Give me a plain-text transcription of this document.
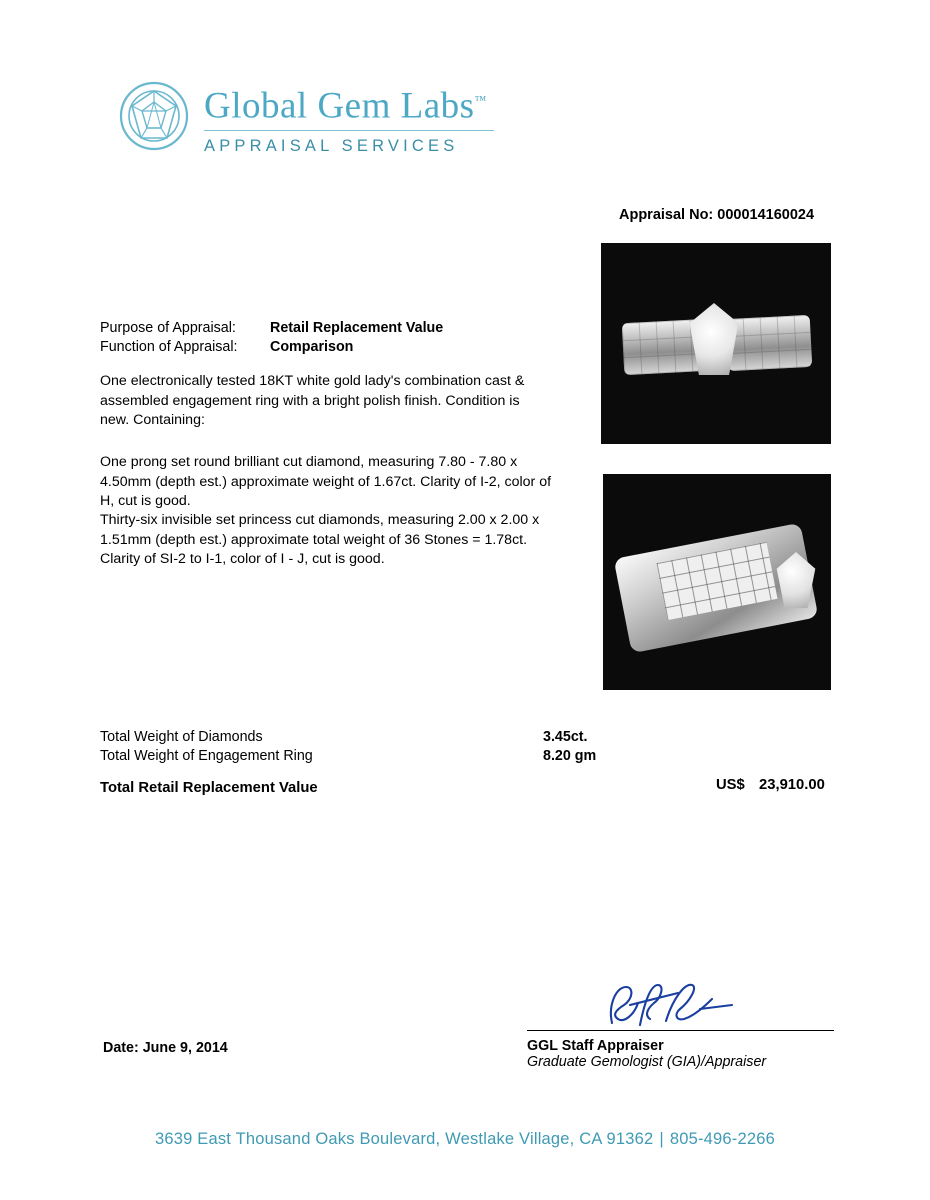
Global Gem Labs™
APPRAISAL SERVICES
Appraisal No: 000014160024
Purpose of Appraisal: Retail Replacement Value
Function of Appraisal: Comparison
One electronically tested 18KT white gold lady's combination cast & assembled engagement ring with a bright polish finish. Condition is new. Containing:
One prong set round brilliant cut diamond, measuring 7.80 - 7.80 x 4.50mm (depth est.) approximate weight of 1.67ct. Clarity of I-2, color of H, cut is good.
Thirty-six invisible set princess cut diamonds, measuring 2.00 x 2.00 x 1.51mm (depth est.) approximate total weight of 36 Stones = 1.78ct. Clarity of SI-2 to I-1, color of I - J, cut is good.
Total Weight of Diamonds
Total Weight of Engagement Ring
3.45ct.
8.20 gm
Total Retail Replacement Value	US$ 23,910.00
GGL Staff Appraiser
Graduate Gemologist (GIA)/Appraiser
Date: June 9, 2014
3639 East Thousand Oaks Boulevard, Westlake Village, CA 91362 | 805-496-2266
